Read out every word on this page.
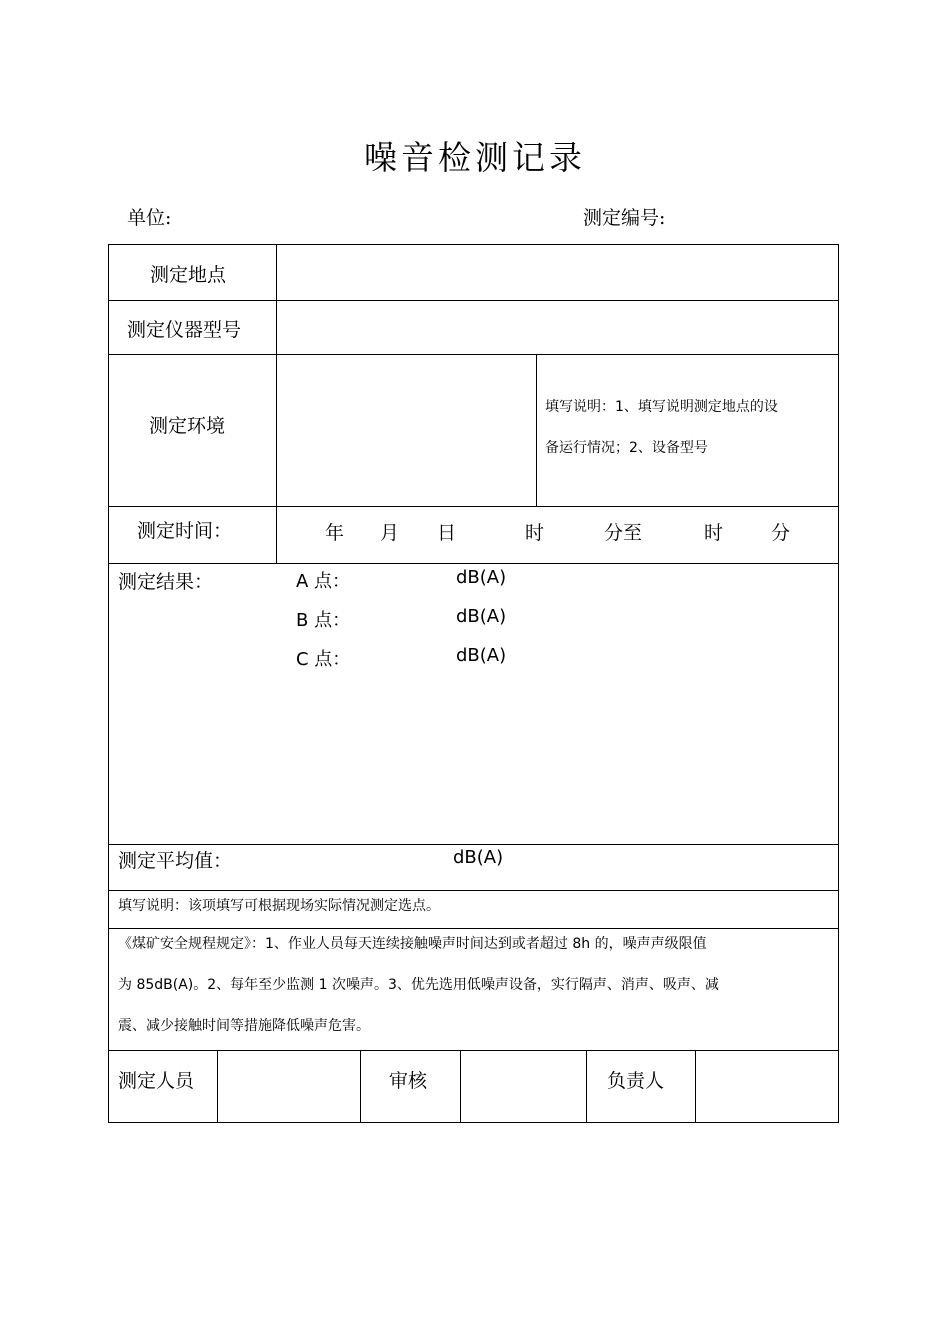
噪音检测记录
单位:	测定编号:
测定地点
测定仪器型号
测定环境
填写说明：1、填写说明测定地点的设
备运行情况；2、设备型号
测定时间：	年 月 日	时	分至	时	分
测定结果：	A 点：	dB(A)
B 点：	dB(A)
C 点：	dB(A)
测定平均值：	dB(A)
填写说明：该项填写可根据现场实际情况测定选点。
《煤矿安全规程规定》：1、作业人员每天连续接触噪声时间达到或者超过 8h 的，噪声声级限值
为 85dB(A)。2、每年至少监测 1 次噪声。3、优先选用低噪声设备，实行隔声、消声、吸声、减
震、减少接触时间等措施降低噪声危害。
测定人员	审核	负责人
